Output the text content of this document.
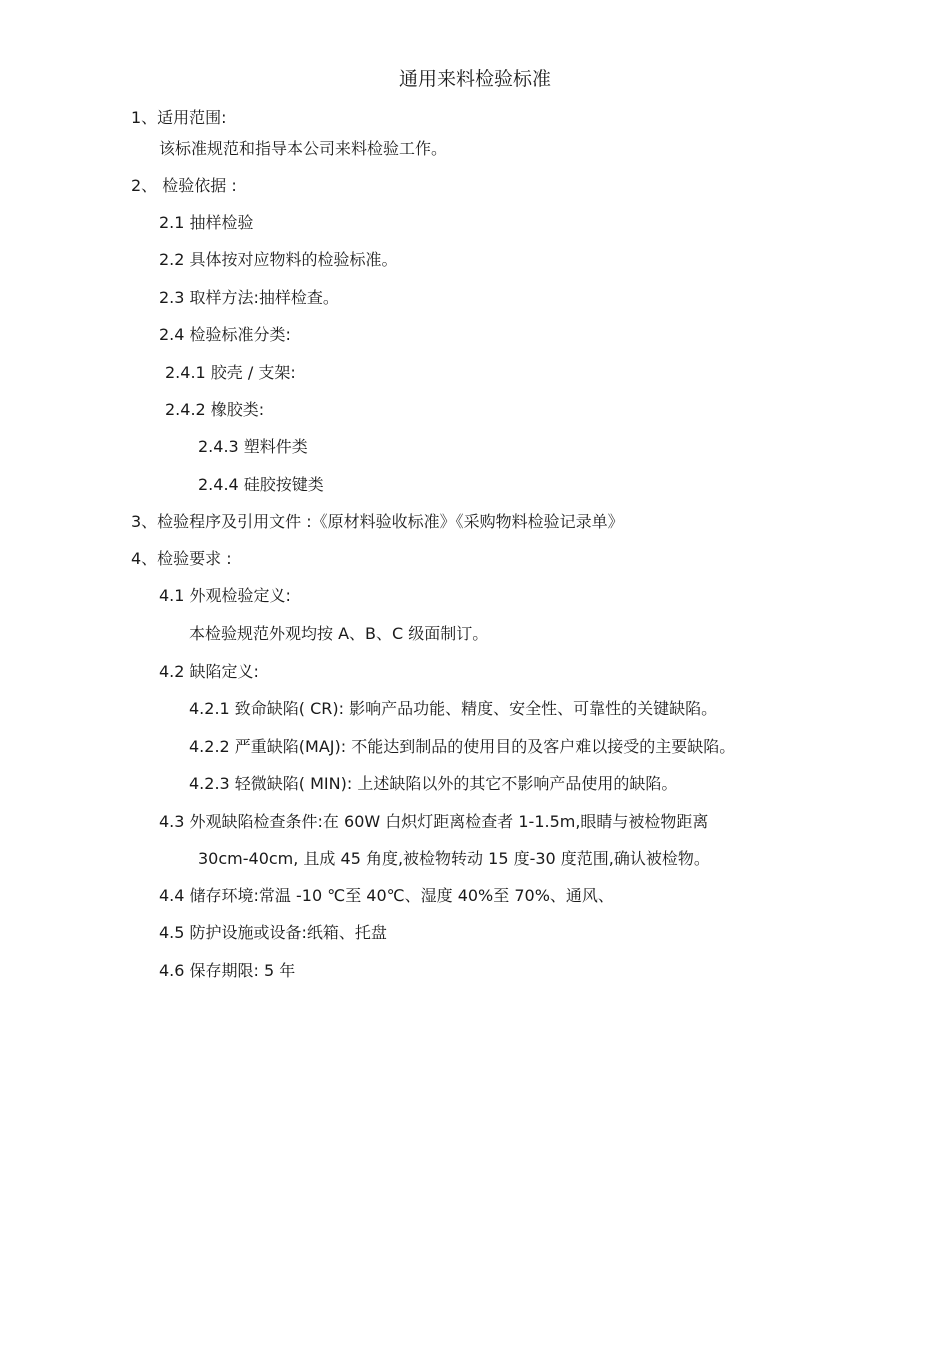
通用来料检验标准
1、适用范围:
该标准规范和指导本公司来料检验工作。
2、 检验依据 :
2.1 抽样检验
2.2 具体按对应物料的检验标准。
2.3 取样方法:抽样检查。
2.4 检验标准分类:
2.4.1 胶壳 / 支架:
2.4.2 橡胶类:
2.4.3 塑料件类
2.4.4 硅胶按键类
3、检验程序及引用文件 :《原材料验收标准》《采购物料检验记录单》
4、检验要求 :
4.1 外观检验定义:
本检验规范外观均按 A、B、C 级面制订。
4.2 缺陷定义:
4.2.1 致命缺陷( CR): 影响产品功能、精度、安全性、可靠性的关键缺陷。
4.2.2 严重缺陷(MAJ): 不能达到制品的使用目的及客户难以接受的主要缺陷。
4.2.3 轻微缺陷( MIN): 上述缺陷以外的其它不影响产品使用的缺陷。
4.3 外观缺陷检查条件:在 60W 白炽灯距离检查者 1-1.5m,眼睛与被检物距离
30cm-40cm, 且成 45 角度,被检物转动 15 度-30 度范围,确认被检物。
4.4 储存环境:常温 -10 ℃至 40℃、湿度 40%至 70%、通风、
4.5 防护设施或设备:纸箱、托盘
4.6 保存期限: 5 年
